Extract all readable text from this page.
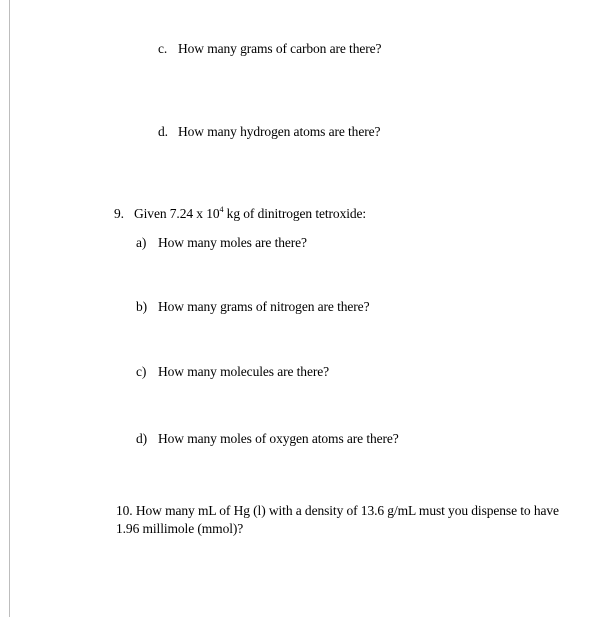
c. How many grams of carbon are there?
d. How many hydrogen atoms are there?
9. Given 7.24 x $10^4$ kg of dinitrogen tetroxide:
a) How many moles are there?
b) How many grams of nitrogen are there?
c) How many molecules are there?
d) How many moles of oxygen atoms are there?
10. How many mL of Hg (l) with a density of 13.6 g/mL must you dispense to have
1.96 millimole (mmol)?
